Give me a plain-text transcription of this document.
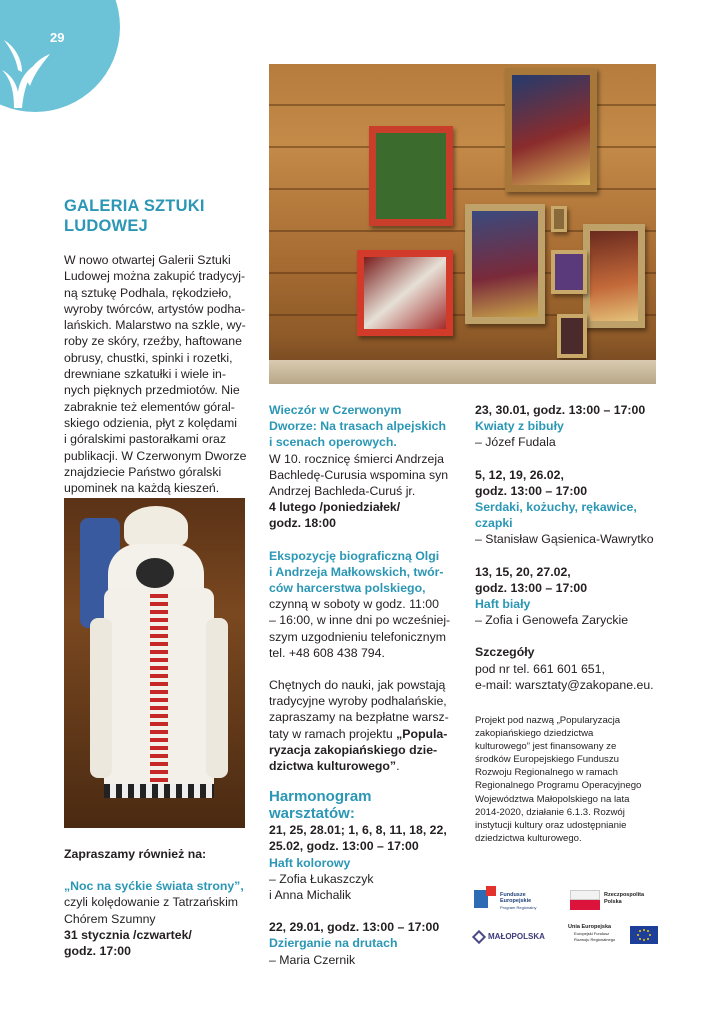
29
GALERIA SZTUKI
LUDOWEJ

W nowo otwartej Galerii Sztuki

Ludowej można zakupić tradycyj-

ną sztukę Podhala, rękodzieło,

wyroby twórców, artystów podha-

lańskich. Malarstwo na szkle, wy-

roby ze skóry, rzeźby, haftowane

obrusy, chustki, spinki i rozetki,

drewniane szkatułki i wiele in-

nych pięknych przedmiotów. Nie

zabraknie też elementów góral-

skiego odzienia, płyt z kolędami

i góralskimi pastorałkami oraz

publikacji. W Czerwonym Dworze

znajdziecie Państwo góralski

upominek na każdą kieszeń.

Zapraszamy również na:

„Noc na syćkie świata strony”,

czyli kolędowanie z Tatrzańskim

Chórem Szumny

31 stycznia /czwartek/

godz. 17:00

Wieczór w Czerwonym

Dworze: Na trasach alpejskich

i scenach operowych.

W 10. rocznicę śmierci Andrzeja

Bachledę-Curusia wspomina syn

Andrzej Bachleda-Curuś jr.

4 lutego /poniedziałek/

godz. 18:00

Ekspozycję biograficzną Olgi

i Andrzeja Małkowskich, twór-

ców harcerstwa polskiego,

czynną w soboty w godz. 11:00

– 16:00, w inne dni po wcześniej-

szym uzgodnieniu telefonicznym

tel. +48 608 438 794.

Chętnych do nauki, jak powstają

tradycyjne wyroby podhalańskie,

zapraszamy na bezpłatne warsz-

taty w ramach projektu „Popula-

ryzacja zakopiańskiego dzie-

dzictwa kulturowego”.

Harmonogram

warsztatów:

21, 25, 28.01; 1, 6, 8, 11, 18, 22,

25.02, godz. 13:00 – 17:00

Haft kolorowy

– Zofia Łukaszczyk

i Anna Michalik

22, 29.01, godz. 13:00 – 17:00

Dzierganie na drutach

– Maria Czernik

23, 30.01, godz. 13:00 – 17:00

Kwiaty z bibuły

– Józef Fudala

5, 12, 19, 26.02,

godz. 13:00 – 17:00

Serdaki, kożuchy, rękawice,

czapki

– Stanisław Gąsienica-Wawrytko

13, 15, 20, 27.02,

godz. 13:00 – 17:00

Haft biały

– Zofia i Genowefa Zaryckie

Szczegóły

pod nr tel. 661 601 651,

e-mail: warsztaty@zakopane.eu.

Projekt pod nazwą „Popularyzacja

zakopiańskiego dziedzictwa

kulturowego” jest finansowany ze

środków Europejskiego Funduszu

Rozwoju Regionalnego w ramach

Regionalnego Programu Operacyjnego

Województwa Małopolskiego na lata

2014-2020, działanie 6.1.3. Rozwój

instytucji kultury oraz udostępnianie

dziedzictwa kulturowego.

Fundusze
Europejskie
Program Regionalny
Rzeczpospolita
Polska
MAŁOPOLSKA
Unia Europejska
Europejski Fundusz
Rozwoju Regionalnego
